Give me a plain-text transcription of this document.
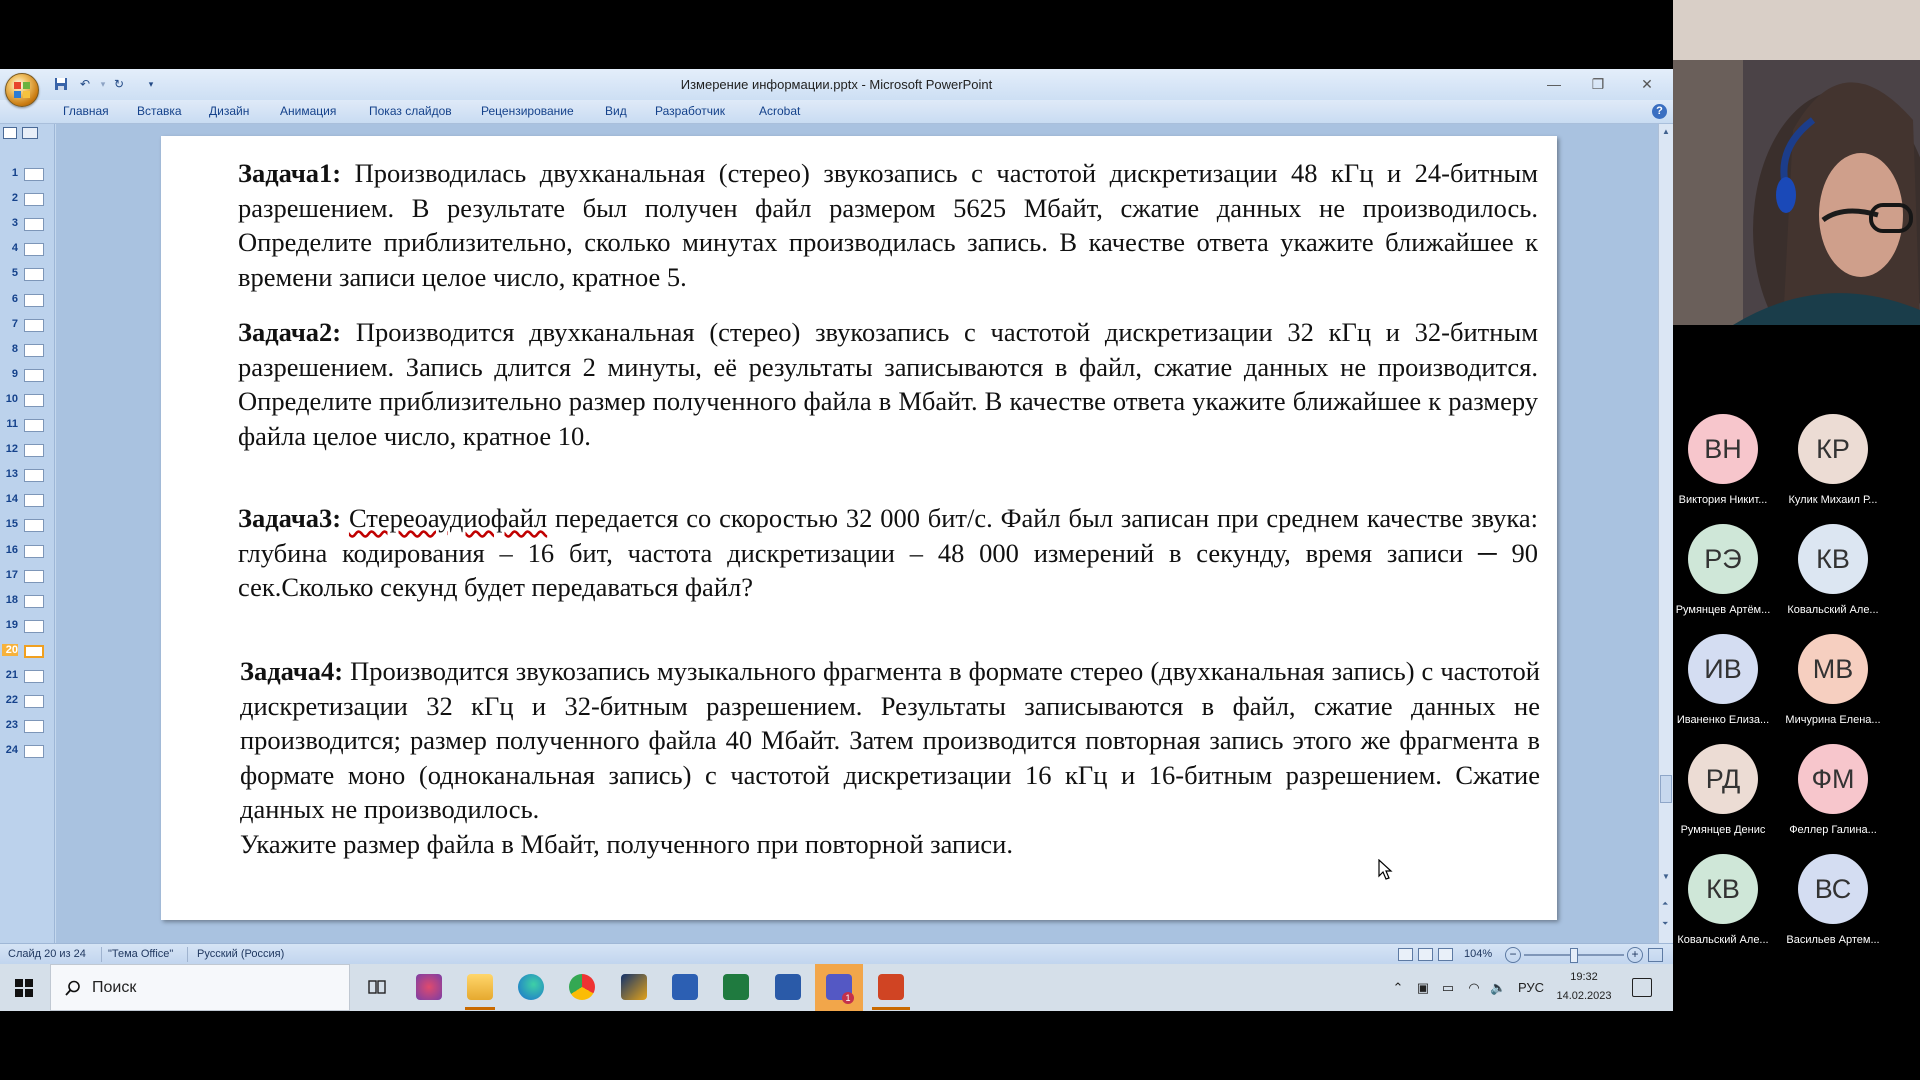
Измерение информации.pptx - Microsoft PowerPoint
↶	▾ ↻	▾	—	❐	✕
Главная Вставка Дизайн	Анимация	Показ слайдов Рецензирование	Вид Разработчик	Acrobat	?
1
2
3
4
5
6
7
8
9
10
11
12
13
14
15
16
17
18
19
20
21
22
23
24
Задача1: Производилась двухканальная (стерео) звукозапись с частотой дискретизации 48 кГц и 24-битным разрешением. В результате был получен файл размером 5625 Мбайт, сжатие данных не производилось. Определите приблизительно, сколько минутах производилась запись. В качестве ответа укажите ближайшее к времени записи целое число, кратное 5.
Задача2: Производится двухканальная (стерео) звукозапись с частотой дискретизации 32 кГц и 32-битным разрешением. Запись длится 2 минуты, её результаты записываются в файл, сжатие данных не производится. Определите приблизительно размер полученного файла в Мбайт. В качестве ответа укажите ближайшее к размеру файла целое число, кратное 10.
Задача3: Стереоаудиофайл передается со скоростью 32 000 бит/с. Файл был записан при среднем качестве звука: глубина кодирования – 16 бит, частота дискретизации – 48 000 измерений в секунду, время записи ─ 90 сек.Сколько секунд будет передаваться файл?
Задача4: Производится звукозапись музыкального фрагмента в формате стерео (двухканальная запись) с частотой дискретизации 32 кГц и 32-битным разрешением. Результаты записываются в файл, сжатие данных не производится; размер полученного файла 40 Мбайт. Затем производится повторная запись этого же фрагмента в формате моно (одноканальная запись) с частотой дискретизации 16 кГц и 16-битным разрешением. Сжатие данных не производилось.
Укажите размер файла в Мбайт, полученного при повторной записи.
▲
▼
⏶
⏷
Слайд 20 из 24 "Тема Office" Русский (Россия)	104%	−	+
Поиск
1
⌃ ▣ ▭ ◠ 🔈 РУС
19:32
14.02.2023
ВН
Виктория Никит...
КР
Кулик Михаил Р...
РЭ
Румянцев Артём...
КВ
Ковальский Але...
ИВ
Иваненко Елиза...
МВ
Мичурина Елена...
РД
Румянцев Денис
ФМ
Феллер Галина...
КВ
Ковальский Але...
ВС
Васильев Артем...
